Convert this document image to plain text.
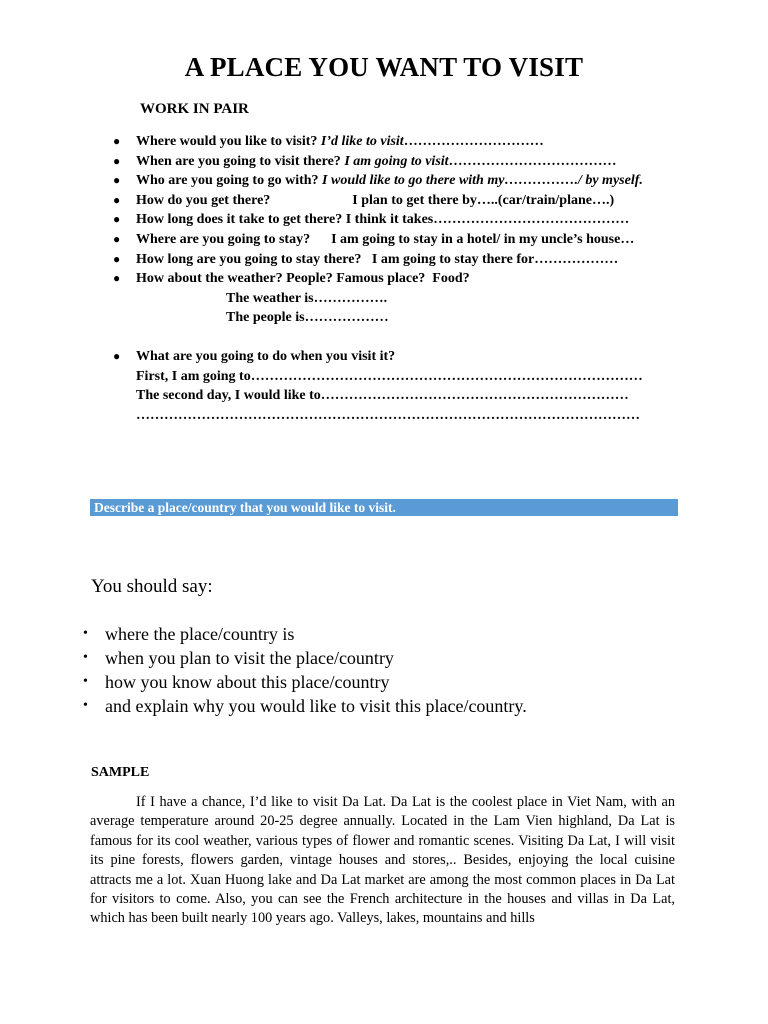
A PLACE YOU WANT TO VISIT
WORK IN PAIR
● Where would you like to visit? I’d like to visit…………………………
● When are you going to visit there? I am going to visit………………………………
● Who are you going to go with? I would like to go there with my……………./ by myself.
● How do you get there?	I plan to get there by…..(car/train/plane….)
● How long does it take to get there? I think it takes……………………………………
● Where are you going to stay?      I am going to stay in a hotel/ in my uncle’s house…
● How long are you going to stay there?   I am going to stay there for………………
● How about the weather? People? Famous place?  Food?
The weather is…………….
The people is………………
● What are you going to do when you visit it?
First, I am going to…………………………………………………………………………
The second day, I would like to…………………………………………………………
………………………………………………………………………………………………
Describe a place/country that you would like to visit.
You should say:
• where the place/country is
• when you plan to visit the place/country
• how you know about this place/country
• and explain why you would like to visit this place/country.
SAMPLE

If I have a chance, I’d like to visit Da Lat. Da Lat is the coolest place in Viet Nam, with an average temperature around 20-25 degree annually. Located in the Lam Vien highland, Da Lat is famous for its cool weather, various types of flower and romantic scenes. Visiting Da Lat, I will visit its pine forests, flowers garden, vintage houses and stores,.. Besides, enjoying the local cuisine attracts me a lot. Xuan Huong lake and Da Lat market are among the most common places in Da Lat for visitors to come. Also, you can see the French architecture in the houses and villas in Da Lat, which has been built nearly 100 years ago. Valleys, lakes, mountains and hills
